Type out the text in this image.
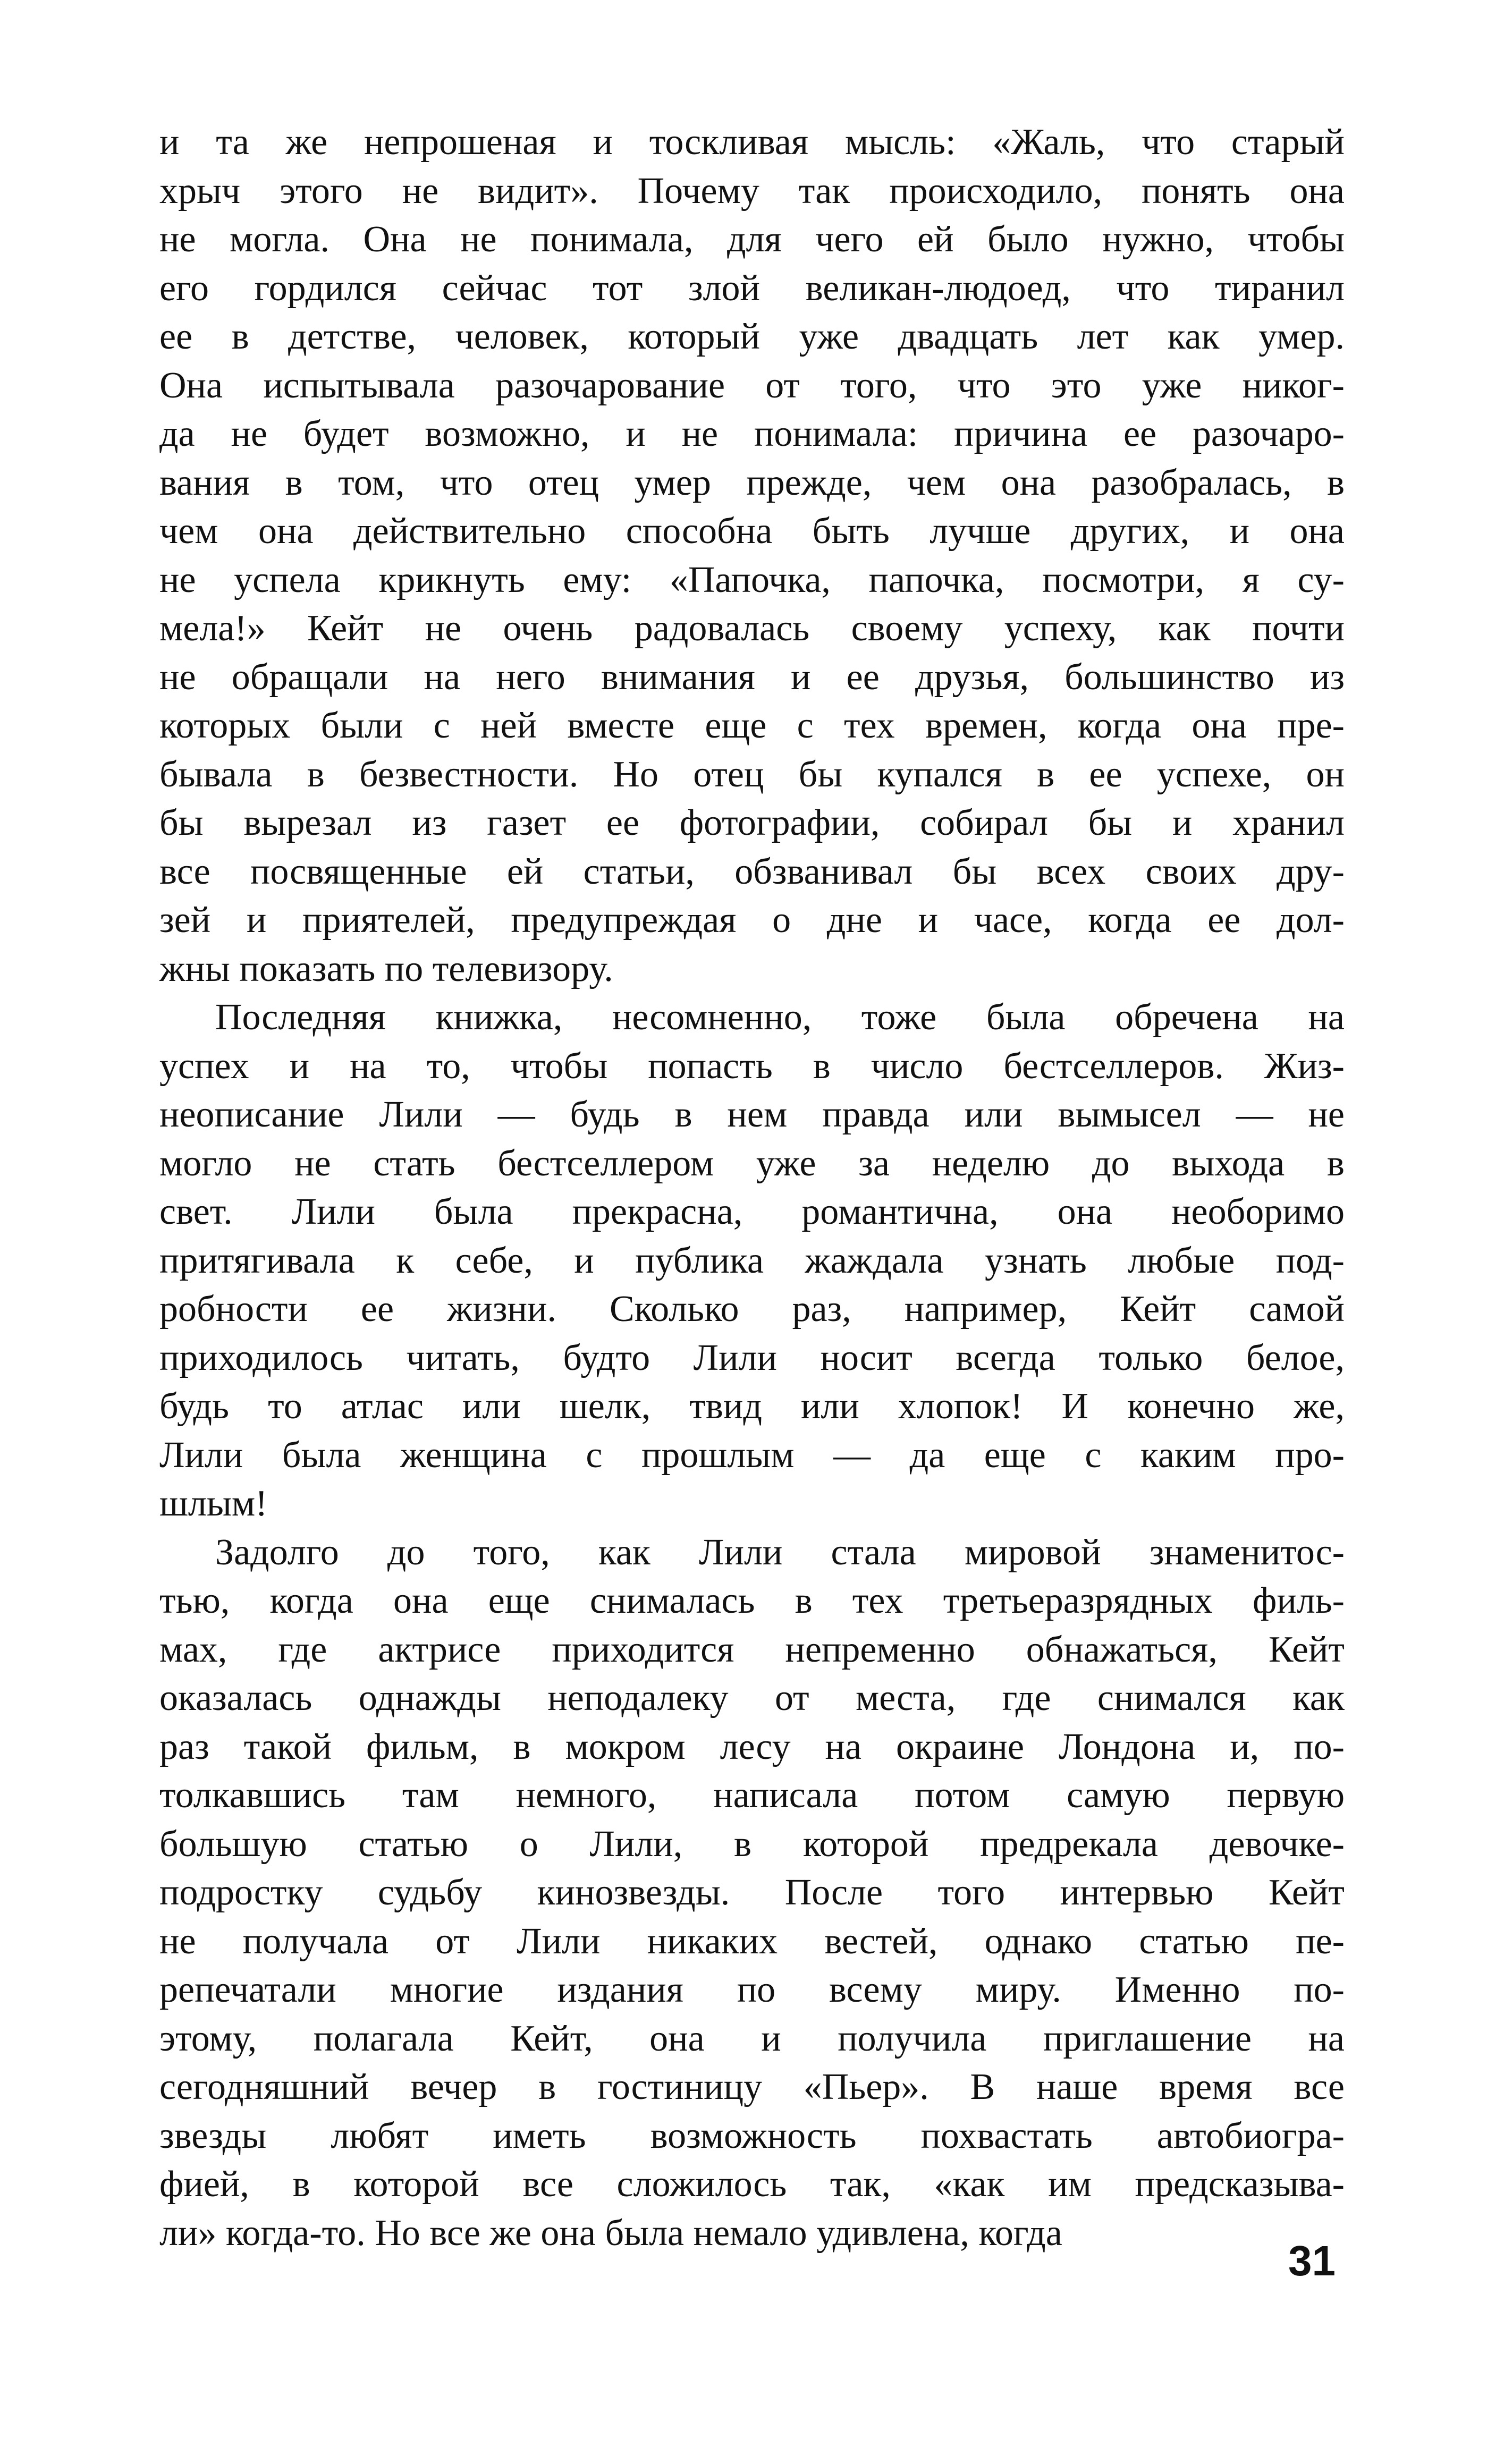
и та же непрошеная и тоскливая мысль: «Жаль, что старый
хрыч этого не видит». Почему так происходило, понять она
не могла. Она не понимала, для чего ей было нужно, чтобы
его гордился сейчас тот злой великан-людоед, что тиранил
ее в детстве, человек, который уже двадцать лет как умер.
Она испытывала разочарование от того, что это уже никог-
да не будет возможно, и не понимала: причина ее разочаро-
вания в том, что отец умер прежде, чем она разобралась, в
чем она действительно способна быть лучше других, и она
не успела крикнуть ему: «Папочка, папочка, посмотри, я су-
мела!» Кейт не очень радовалась своему успеху, как почти
не обращали на него внимания и ее друзья, большинство из
которых были с ней вместе еще с тех времен, когда она пре-
бывала в безвестности. Но отец бы купался в ее успехе, он
бы вырезал из газет ее фотографии, собирал бы и хранил
все посвященные ей статьи, обзванивал бы всех своих дру-
зей и приятелей, предупреждая о дне и часе, когда ее дол-
жны показать по телевизору.
Последняя книжка, несомненно, тоже была обречена на
успех и на то, чтобы попасть в число бестселлеров. Жиз-
неописание Лили — будь в нем правда или вымысел — не
могло не стать бестселлером уже за неделю до выхода в
свет. Лили была прекрасна, романтична, она необоримо
притягивала к себе, и публика жаждала узнать любые под-
робности ее жизни. Сколько раз, например, Кейт самой
приходилось читать, будто Лили носит всегда только белое,
будь то атлас или шелк, твид или хлопок! И конечно же,
Лили была женщина с прошлым — да еще с каким про-
шлым!
Задолго до того, как Лили стала мировой знаменитос-
тью, когда она еще снималась в тех третьеразрядных филь-
мах, где актрисе приходится непременно обнажаться, Кейт
оказалась однажды неподалеку от места, где снимался как
раз такой фильм, в мокром лесу на окраине Лондона и, по-
толкавшись там немного, написала потом самую первую
большую статью о Лили, в которой предрекала девочке-
подростку судьбу кинозвезды. После того интервью Кейт
не получала от Лили никаких вестей, однако статью пе-
репечатали многие издания по всему миру. Именно по-
этому, полагала Кейт, она и получила приглашение на
сегодняшний вечер в гостиницу «Пьер». В наше время все
звезды любят иметь возможность похвастать автобиогра-
фией, в которой все сложилось так, «как им предсказыва-
ли» когда-то. Но все же она была немало удивлена, когда
31
